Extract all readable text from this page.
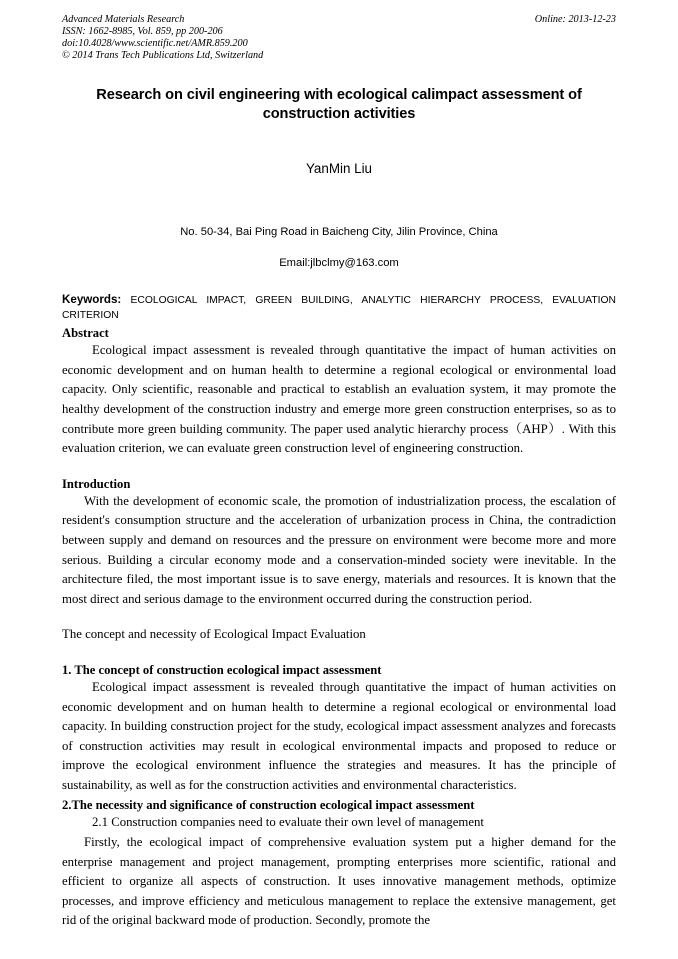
Advanced Materials Research
ISSN: 1662-8985, Vol. 859, pp 200-206
doi:10.4028/www.scientific.net/AMR.859.200
© 2014 Trans Tech Publications Ltd, Switzerland
Online: 2013-12-23
Research on civil engineering with ecological calimpact assessment of construction activities
YanMin Liu
No. 50-34, Bai Ping Road in Baicheng City, Jilin Province, China
Email:jlbclmy@163.com
Keywords: ECOLOGICAL IMPACT, GREEN BUILDING, ANALYTIC HIERARCHY PROCESS, EVALUATION CRITERION
Abstract

Ecological impact assessment is revealed through quantitative the impact of human activities on economic development and on human health to determine a regional ecological or environmental load capacity. Only scientific, reasonable and practical to establish an evaluation system, it may promote the healthy development of the construction industry and emerge more green construction enterprises, so as to contribute more green building community. The paper used analytic hierarchy process（AHP）. With this evaluation criterion, we can evaluate green construction level of engineering construction.

Introduction

With the development of economic scale, the promotion of industrialization process, the escalation of resident's consumption structure and the acceleration of urbanization process in China, the contradiction between supply and demand on resources and the pressure on environment were become more and more serious. Building a circular economy mode and a conservation-minded society were inevitable. In the architecture filed, the most important issue is to save energy, materials and resources. It is known that the most direct and serious damage to the environment occurred during the construction period.

The concept and necessity of Ecological Impact Evaluation

1. The concept of construction ecological impact assessment

Ecological impact assessment is revealed through quantitative the impact of human activities on economic development and on human health to determine a regional ecological or environmental load capacity. In building construction project for the study, ecological impact assessment analyzes and forecasts of construction activities may result in ecological environmental impacts and proposed to reduce or improve the ecological environment influence the strategies and measures. It has the principle of sustainability, as well as for the construction activities and environmental characteristics.

2.The necessity and significance of construction ecological impact assessment

2.1 Construction companies need to evaluate their own level of management

Firstly, the ecological impact of comprehensive evaluation system put a higher demand for the enterprise management and project management, prompting enterprises more scientific, rational and efficient to organize all aspects of construction. It uses innovative management methods, optimize processes, and improve efficiency and meticulous management to replace the extensive management, get rid of the original backward mode of production. Secondly, promote the
